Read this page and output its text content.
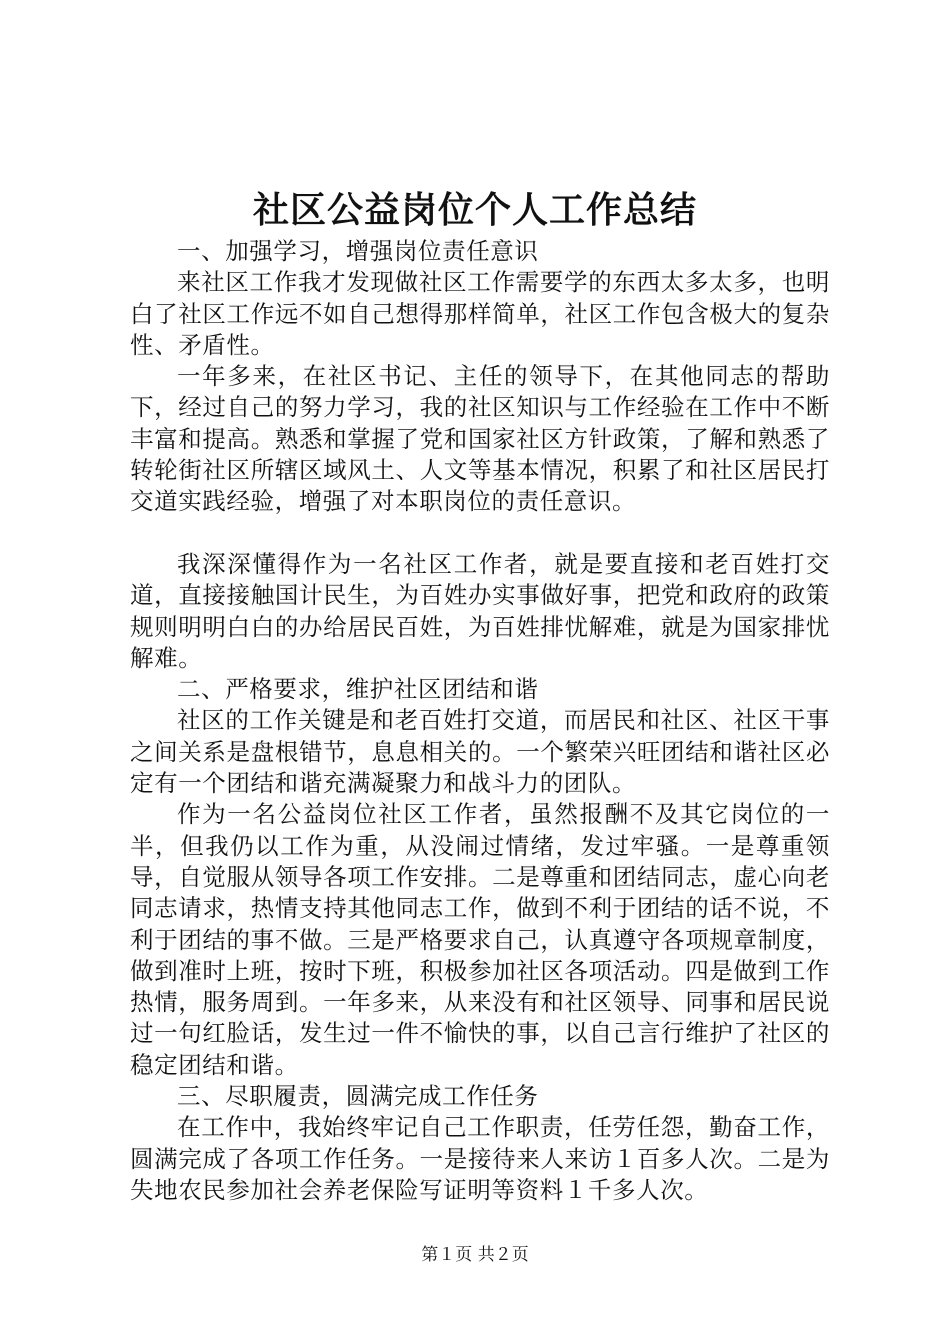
社区公益岗位个人工作总结

一、加强学习，增强岗位责任意识

来社区工作我才发现做社区工作需要学的东西太多太多，也明白了社区工作远不如自己想得那样简单，社区工作包含极大的复杂性、矛盾性。

一年多来，在社区书记、主任的领导下，在其他同志的帮助下，经过自己的努力学习，我的社区知识与工作经验在工作中不断丰富和提高。熟悉和掌握了党和国家社区方针政策，了解和熟悉了转轮街社区所辖区域风土、人文等基本情况，积累了和社区居民打交道实践经验，增强了对本职岗位的责任意识。

我深深懂得作为一名社区工作者，就是要直接和老百姓打交道，直接接触国计民生，为百姓办实事做好事，把党和政府的政策规则明明白白的办给居民百姓，为百姓排忧解难，就是为国家排忧解难。

二、严格要求，维护社区团结和谐

社区的工作关键是和老百姓打交道，而居民和社区、社区干事之间关系是盘根错节，息息相关的。一个繁荣兴旺团结和谐社区必定有一个团结和谐充满凝聚力和战斗力的团队。

作为一名公益岗位社区工作者，虽然报酬不及其它岗位的一半，但我仍以工作为重，从没闹过情绪，发过牢骚。一是尊重领导，自觉服从领导各项工作安排。二是尊重和团结同志，虚心向老同志请求，热情支持其他同志工作，做到不利于团结的话不说，不利于团结的事不做。三是严格要求自己，认真遵守各项规章制度，做到准时上班，按时下班，积极参加社区各项活动。四是做到工作热情，服务周到。一年多来，从来没有和社区领导、同事和居民说过一句红脸话，发生过一件不愉快的事，以自己言行维护了社区的稳定团结和谐。

三、尽职履责，圆满完成工作任务

在工作中，我始终牢记自己工作职责，任劳任怨，勤奋工作，圆满完成了各项工作任务。一是接待来人来访１百多人次。二是为失地农民参加社会养老保险写证明等资料１千多人次。

第１页 共２页
